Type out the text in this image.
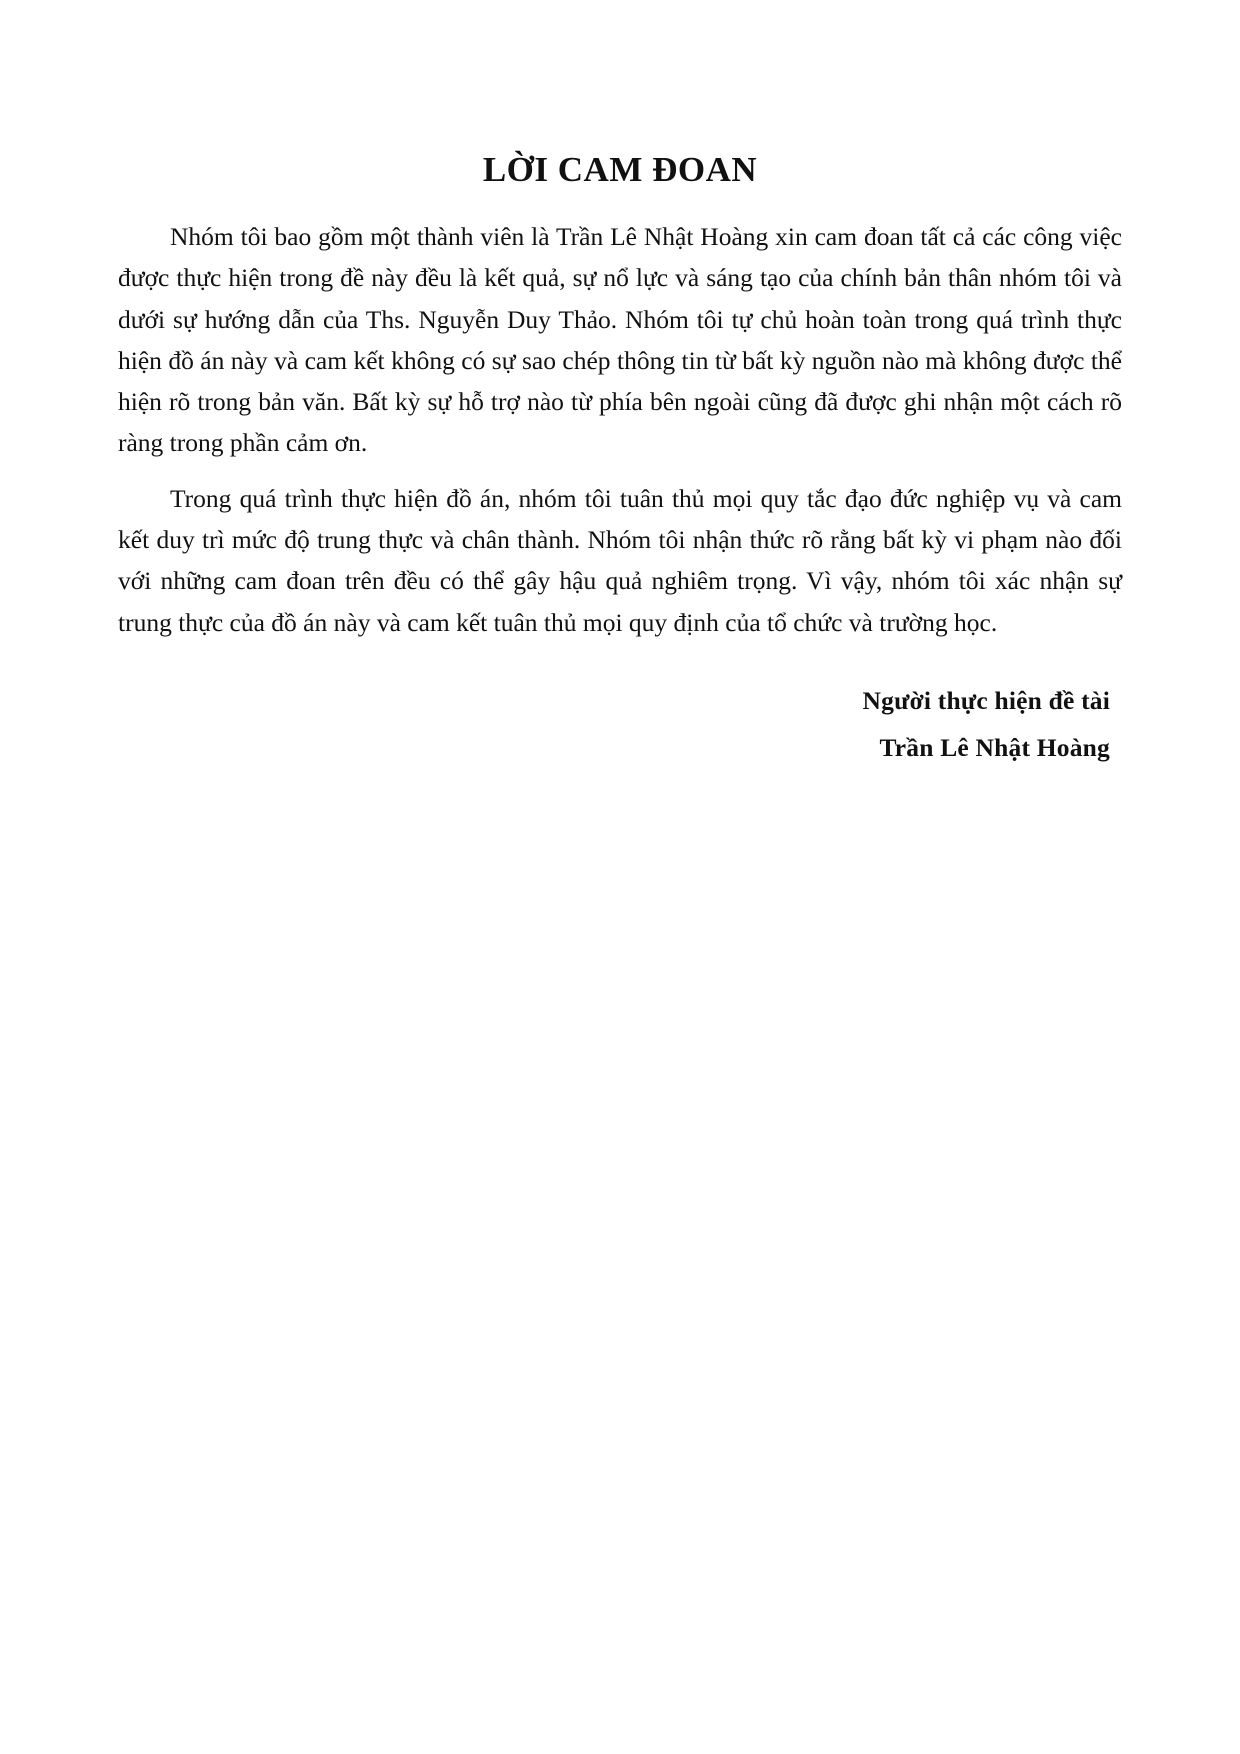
LỜI CAM ĐOAN

Nhóm tôi bao gồm một thành viên là Trần Lê Nhật Hoàng xin cam đoan tất cả các công việc được thực hiện trong đề này đều là kết quả, sự nổ lực và sáng tạo của chính bản thân nhóm tôi và dưới sự hướng dẫn của Ths. Nguyễn Duy Thảo. Nhóm tôi tự chủ hoàn toàn trong quá trình thực hiện đồ án này và cam kết không có sự sao chép thông tin từ bất kỳ nguồn nào mà không được thể hiện rõ trong bản văn. Bất kỳ sự hỗ trợ nào từ phía bên ngoài cũng đã được ghi nhận một cách rõ ràng trong phần cảm ơn.

Trong quá trình thực hiện đồ án, nhóm tôi tuân thủ mọi quy tắc đạo đức nghiệp vụ và cam kết duy trì mức độ trung thực và chân thành. Nhóm tôi nhận thức rõ rằng bất kỳ vi phạm nào đối với những cam đoan trên đều có thể gây hậu quả nghiêm trọng. Vì vậy, nhóm tôi xác nhận sự trung thực của đồ án này và cam kết tuân thủ mọi quy định của tổ chức và trường học.

Người thực hiện đề tài
Trần Lê Nhật Hoàng
